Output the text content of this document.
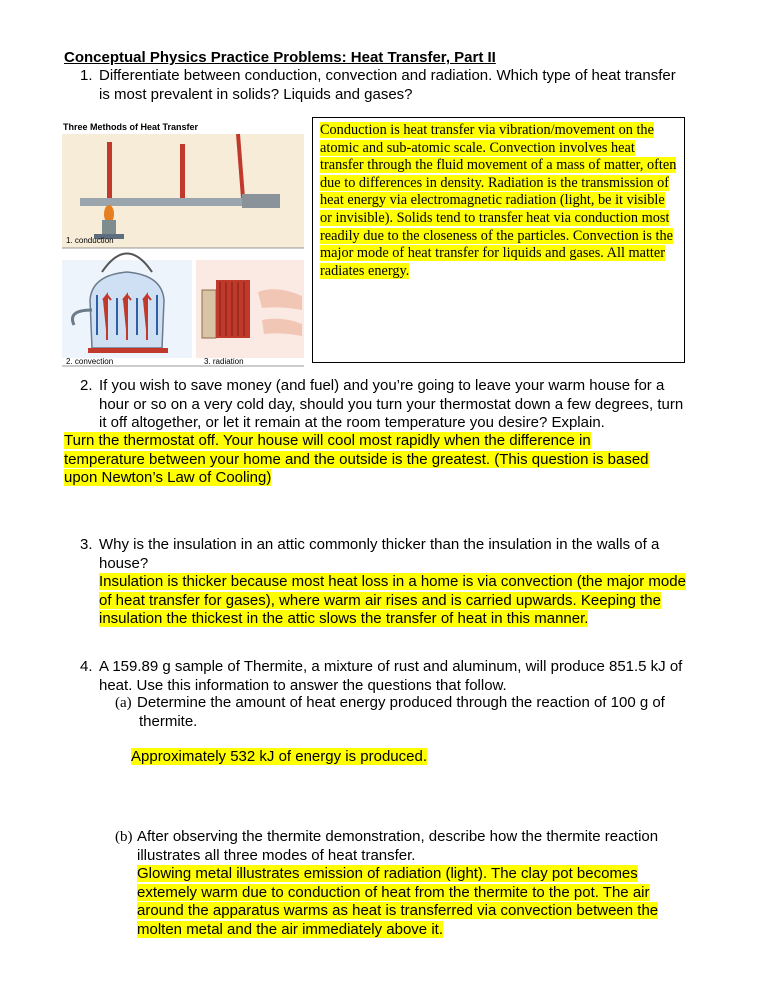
Conceptual Physics Practice Problems: Heat Transfer, Part II
1. Differentiate between conduction, convection and radiation. Which type of heat transfer
is most prevalent in solids? Liquids and gases?
Three Methods of Heat Transfer
1. conduction
2. convection	3. radiation

Conduction is heat transfer via vibration/movement on the atomic and sub-atomic scale. Convection involves heat transfer through the fluid movement of a mass of matter, often due to differences in density. Radiation is the transmission of heat energy via electromagnetic radiation (light, be it visible or invisible). Solids tend to transfer heat via conduction most readily due to the closeness of the particles. Convection is the major mode of heat transfer for liquids and gases. All matter radiates energy.

2. If you wish to save money (and fuel) and you’re going to leave your warm house for a
hour or so on a very cold day, should you turn your thermostat down a few degrees, turn
it off altogether, or let it remain at the room temperature you desire? Explain.
Turn the thermostat off. Your house will cool most rapidly when the difference in
temperature between your home and the outside is the greatest. (This question is based
upon Newton’s Law of Cooling)
3. Why is the insulation in an attic commonly thicker than the insulation in the walls of a
house?
Insulation is thicker because most heat loss in a home is via convection (the major mode
of heat transfer for gases), where warm air rises and is carried upwards. Keeping the
insulation the thickest in the attic slows the transfer of heat in this manner.
4. A 159.89 g sample of Thermite, a mixture of rust and aluminum, will produce 851.5 kJ of
heat. Use this information to answer the questions that follow.
(a) Determine the amount of heat energy produced through the reaction of 100 g of
thermite.
Approximately 532 kJ of energy is produced.
(b) After observing the thermite demonstration, describe how the thermite reaction
illustrates all three modes of heat transfer.
Glowing metal illustrates emission of radiation (light). The clay pot becomes
extemely warm due to conduction of heat from the thermite to the pot. The air
around the apparatus warms as heat is transferred via convection between the
molten metal and the air immediately above it.
